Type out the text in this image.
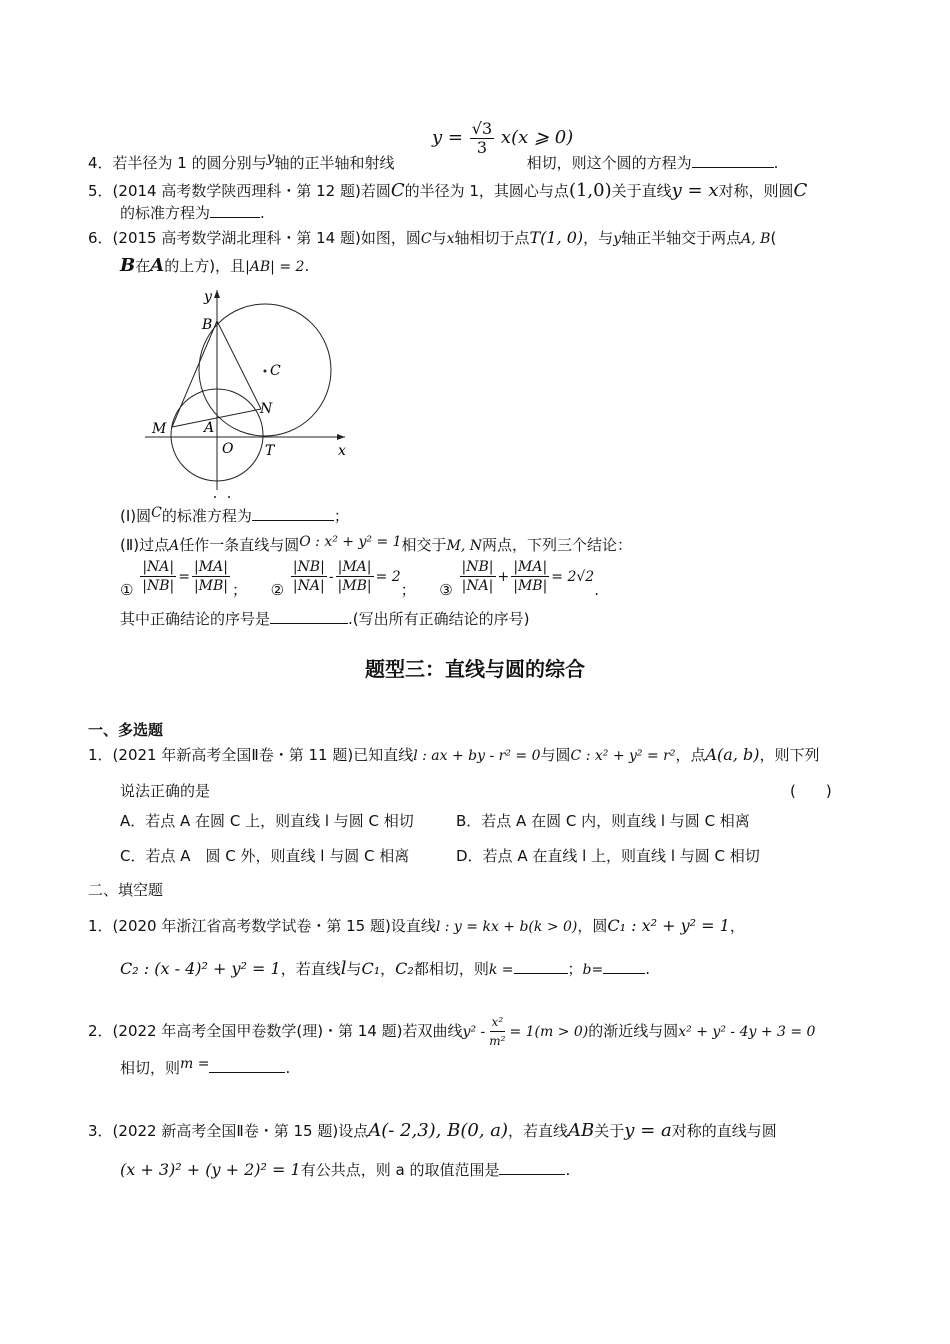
$y = \frac{√3}{3} x(x$ ⩾ 0)
4．若半径为 1 的圆分别与y轴的正半轴和射线	相切，则这个圆的方程为	.
5．(2014 高考数学陕西理科・第 12 题)若圆C的半径为 1，其圆心与点(1,0)关于直线y = x对称，则圆C
的标准方程为	.
6．(2015 高考数学湖北理科・第 14 题)如图，圆C与x轴相切于点T(1, 0)，与y轴正半轴交于两点A, B(
B在A的上方)，且|AB| = 2.
y
B
C
N
M	A
O T	x
(Ⅰ)圆C的标准方程为	；
(Ⅱ)过点A任作一条直线与圆O : x² + y² = 1相交于M, N两点，下列三个结论：
① $\frac{|NA|}{|NB|} = \frac{|MA|}{|MB|}$ ； ② $\frac{|NB|}{|NA|} - \frac{|MA|}{|MB|} = 2$； ③ $\frac{|NB|}{|NA|} + \frac{|MA|}{|MB|} = 2√2$.
其中正确结论的序号是	.(写出所有正确结论的序号)
题型三：直线与圆的综合
一、多选题
1．(2021 年新高考全国Ⅱ卷・第 11 题)已知直线l : ax + by - r² = 0与圆C : x² + y² = r²，点A(a, b)，则下列
说法正确的是	(　　)
A．若点 A 在圆 C 上，则直线 l 与圆 C 相切	B．若点 A 在圆 C 内，则直线 l 与圆 C 相离
C．若点 A　圆 C 外，则直线 l 与圆 C 相离	D．若点 A 在直线 l 上，则直线 l 与圆 C 相切
二、填空题
1．(2020 年浙江省高考数学试卷・第 15 题)设直线l : y = kx + b(k > 0)，圆C₁ : x² + y² = 1，
C₂ : (x - 4)² + y² = 1，若直线l与C₁，C₂都相切，则k =	；b=	.
2．(2022 年高考全国甲卷数学(理)・第 14 题)若双曲线$y^2 - \frac{\text{x²}}{\text{m²}} = 1(m > 0)$的渐近线与圆x² + y² - 4y + 3 = 0
相切，则m =	.
3．(2022 新高考全国Ⅱ卷・第 15 题)设点A(- 2,3), B(0, a)，若直线AB关于y = a对称的直线与圆
(x + 3)² + (y + 2)² = 1有公共点，则 a 的取值范围是	.
